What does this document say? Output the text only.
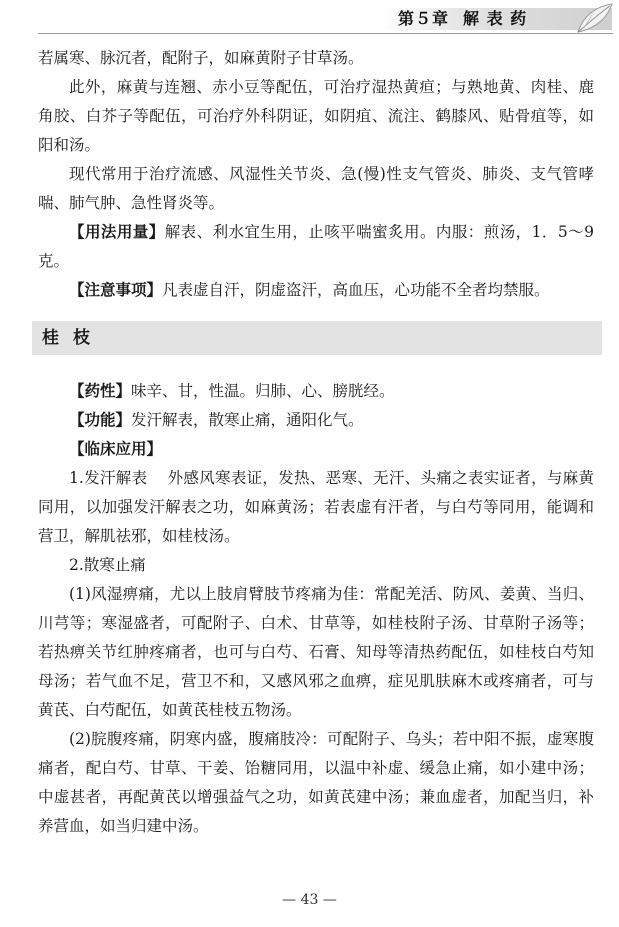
第５章 解 表 药

若属寒、脉沉者，配附子，如麻黄附子甘草汤。

此外，麻黄与连翘、赤小豆等配伍，可治疗湿热黄疸；与熟地黄、肉桂、鹿角胶、白芥子等配伍，可治疗外科阴证，如阴疽、流注、鹤膝风、贴骨疽等，如阳和汤。

现代常用于治疗流感、风湿性关节炎、急(慢)性支气管炎、肺炎、支气管哮喘、肺气肿、急性肾炎等。

【用法用量】解表、利水宜生用，止咳平喘蜜炙用。内服：煎汤，1．5～9 克。

【注意事项】凡表虚自汗，阴虚盗汗，高血压，心功能不全者均禁服。

桂枝

【药性】味辛、甘，性温。归肺、心、膀胱经。

【功能】发汗解表，散寒止痛，通阳化气。

【临床应用】

1.发汗解表 外感风寒表证，发热、恶寒、无汗、头痛之表实证者，与麻黄同用，以加强发汗解表之功，如麻黄汤；若表虚有汗者，与白芍等同用，能调和营卫，解肌祛邪，如桂枝汤。

2.散寒止痛

(1)风湿痹痛，尤以上肢肩臂肢节疼痛为佳：常配羌活、防风、姜黄、当归、川芎等；寒湿盛者，可配附子、白术、甘草等，如桂枝附子汤、甘草附子汤等；若热痹关节红肿疼痛者，也可与白芍、石膏、知母等清热药配伍，如桂枝白芍知母汤；若气血不足，营卫不和，又感风邪之血痹，症见肌肤麻木或疼痛者，可与黄芪、白芍配伍，如黄芪桂枝五物汤。

(2)脘腹疼痛，阴寒内盛，腹痛肢冷：可配附子、乌头；若中阳不振，虚寒腹痛者，配白芍、甘草、干姜、饴糖同用，以温中补虚、缓急止痛，如小建中汤；中虚甚者，再配黄芪以增强益气之功，如黄芪建中汤；兼血虚者，加配当归，补养营血，如当归建中汤。

— 43 —
